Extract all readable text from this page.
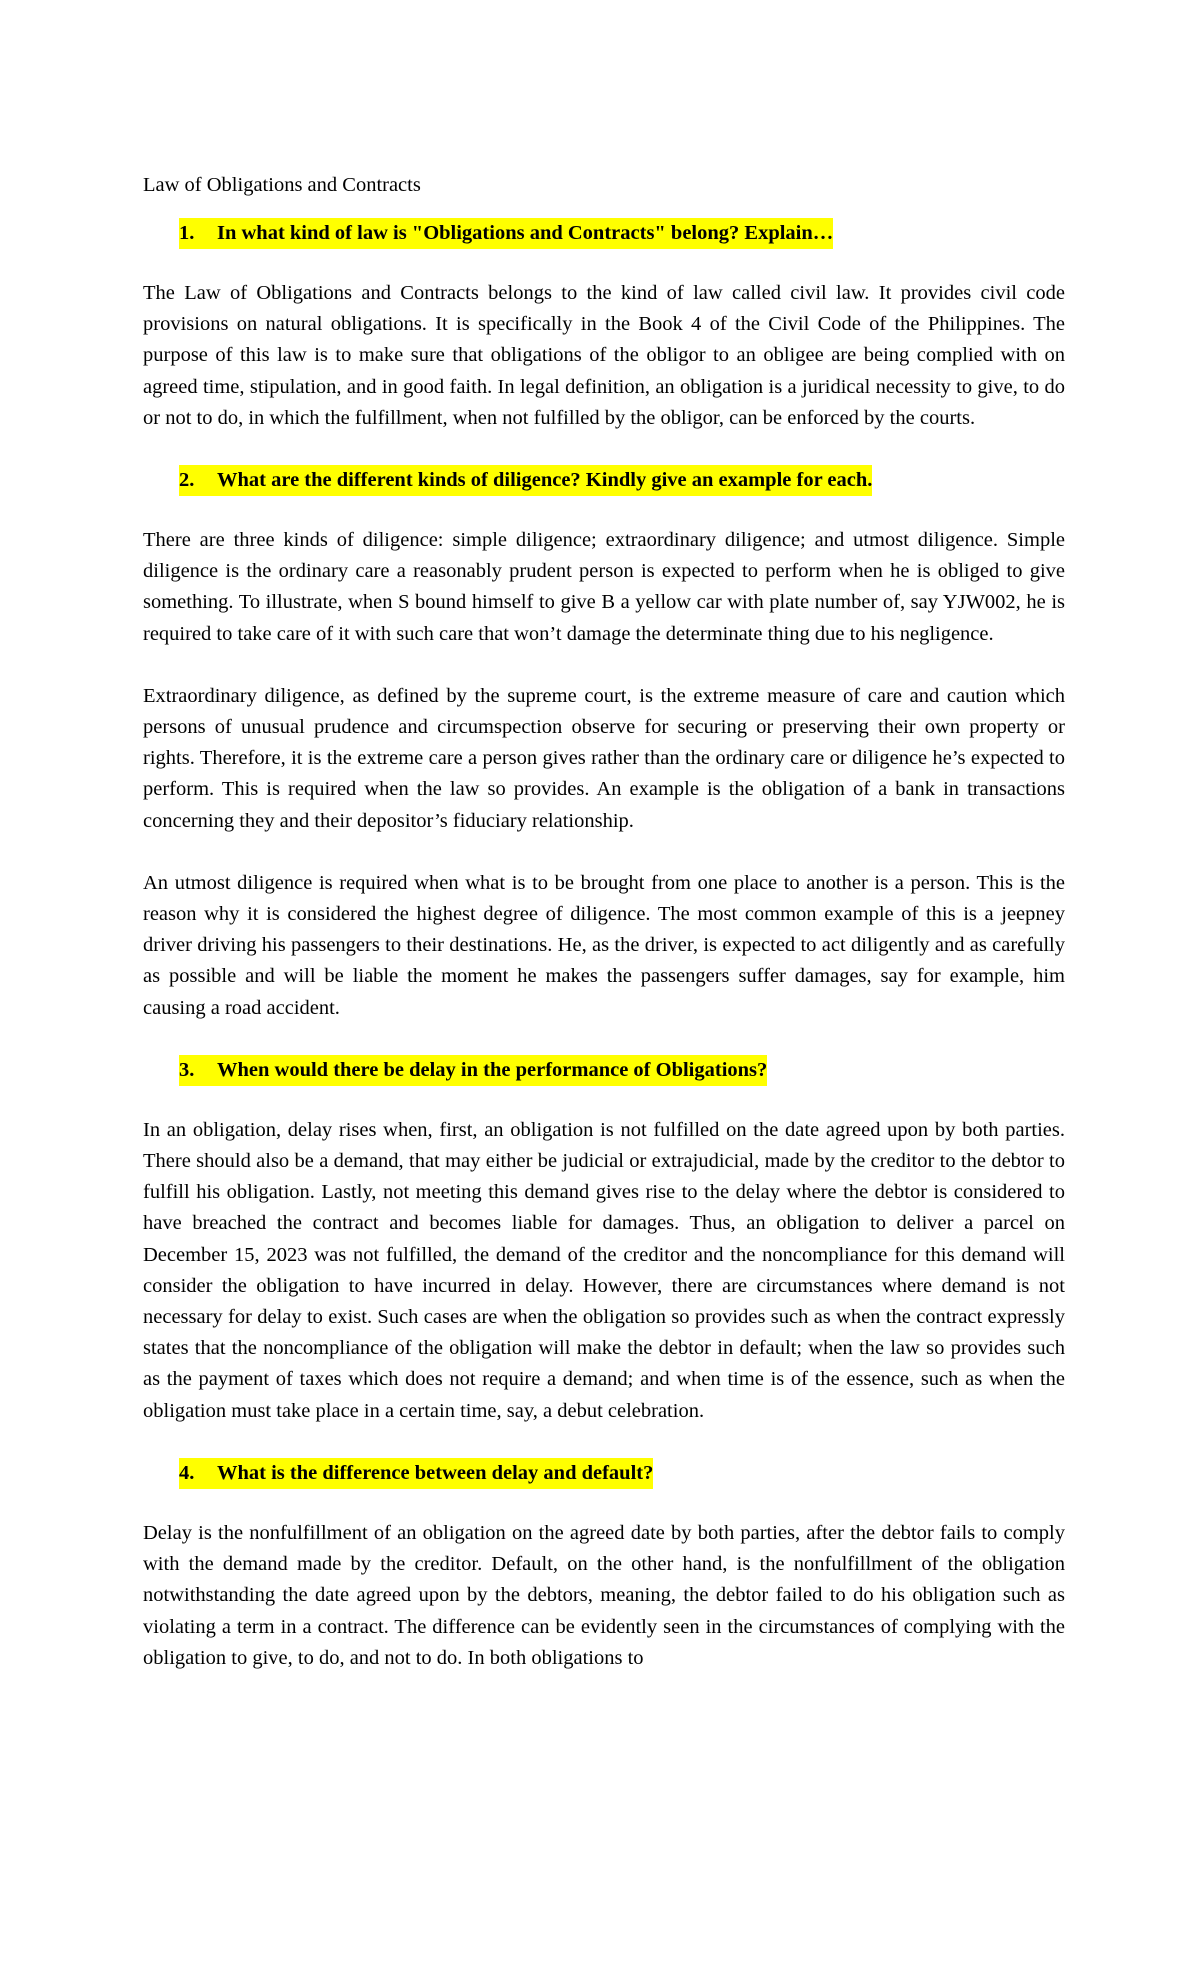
Law of Obligations and Contracts
1.	In what kind of law is "Obligations and Contracts" belong? Explain…

The Law of Obligations and Contracts belongs to the kind of law called civil law. It provides civil code provisions on natural obligations. It is specifically in the Book 4 of the Civil Code of the Philippines. The purpose of this law is to make sure that obligations of the obligor to an obligee are being complied with on agreed time, stipulation, and in good faith. In legal definition, an obligation is a juridical necessity to give, to do or not to do, in which the fulfillment, when not fulfilled by the obligor, can be enforced by the courts.

2.	What are the different kinds of diligence? Kindly give an example for each.

There are three kinds of diligence: simple diligence; extraordinary diligence; and utmost diligence. Simple diligence is the ordinary care a reasonably prudent person is expected to perform when he is obliged to give something. To illustrate, when S bound himself to give B a yellow car with plate number of, say YJW002, he is required to take care of it with such care that won’t damage the determinate thing due to his negligence.

Extraordinary diligence, as defined by the supreme court, is the extreme measure of care and caution which persons of unusual prudence and circumspection observe for securing or preserving their own property or rights. Therefore, it is the extreme care a person gives rather than the ordinary care or diligence he’s expected to perform. This is required when the law so provides. An example is the obligation of a bank in transactions concerning they and their depositor’s fiduciary relationship.

An utmost diligence is required when what is to be brought from one place to another is a person. This is the reason why it is considered the highest degree of diligence. The most common example of this is a jeepney driver driving his passengers to their destinations. He, as the driver, is expected to act diligently and as carefully as possible and will be liable the moment he makes the passengers suffer damages, say for example, him causing a road accident.

3.	When would there be delay in the performance of Obligations?

In an obligation, delay rises when, first, an obligation is not fulfilled on the date agreed upon by both parties. There should also be a demand, that may either be judicial or extrajudicial, made by the creditor to the debtor to fulfill his obligation. Lastly, not meeting this demand gives rise to the delay where the debtor is considered to have breached the contract and becomes liable for damages. Thus, an obligation to deliver a parcel on December 15, 2023 was not fulfilled, the demand of the creditor and the noncompliance for this demand will consider the obligation to have incurred in delay. However, there are circumstances where demand is not necessary for delay to exist. Such cases are when the obligation so provides such as when the contract expressly states that the noncompliance of the obligation will make the debtor in default; when the law so provides such as the payment of taxes which does not require a demand; and when time is of the essence, such as when the obligation must take place in a certain time, say, a debut celebration.

4.	What is the difference between delay and default?

Delay is the nonfulfillment of an obligation on the agreed date by both parties, after the debtor fails to comply with the demand made by the creditor. Default, on the other hand, is the nonfulfillment of the obligation notwithstanding the date agreed upon by the debtors, meaning, the debtor failed to do his obligation such as violating a term in a contract. The difference can be evidently seen in the circumstances of complying with the obligation to give, to do, and not to do. In both obligations to
